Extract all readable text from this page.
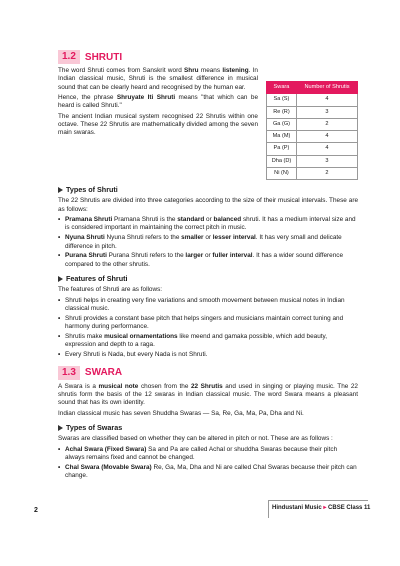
1.2 SHRUTI

The word Shruti comes from Sanskrit word Shru means listening. In Indian classical music, Shruti is the smallest difference in musical sound that can be clearly heard and recognised by the human ear.

Hence, the phrase Shruyate Iti Shruti means "that which can be heard is called Shruti."

The ancient Indian musical system recognised 22 Shrutis within one octave. These 22 Shrutis are mathematically divided among the seven main swaras.

Swara	Number of Shrutis
Sa (S)	4
Re (R)	3
Ga (G)	2
Ma (M)	4
Pa (P)	4
Dha (D)	3
Ni (N)	2
Types of Shruti

The 22 Shrutis are divided into three categories according to the size of their musical intervals. These are as follows:

• Pramana Shruti Pramana Shruti is the standard or balanced shruti. It has a medium interval size and is considered important in maintaining the correct pitch in music.
• Nyuna Shruti Nyuna Shruti refers to the smaller or lesser interval. It has very small and delicate difference in pitch.
• Purana Shruti Purana Shruti refers to the larger or fuller interval. It has a wider sound difference compared to the other shrutis.
Features of Shruti

The features of Shruti are as follows:

• Shruti helps in creating very fine variations and smooth movement between musical notes in Indian classical music.
• Shruti provides a constant base pitch that helps singers and musicians maintain correct tuning and harmony during performance.
• Shrutis make musical ornamentations like meend and gamaka possible, which add beauty, expression and depth to a raga.
• Every Shruti is Nada, but every Nada is not Shruti.
1.3 SWARA

A Swara is a musical note chosen from the 22 Shrutis and used in singing or playing music. The 22 shrutis form the basis of the 12 swaras in Indian classical music. The word Swara means a pleasant sound that has its own identity.

Indian classical music has seven Shuddha Swaras — Sa, Re, Ga, Ma, Pa, Dha and Ni.

Types of Swaras

Swaras are classified based on whether they can be altered in pitch or not. These are as follows :

• Achal Swara (Fixed Swara) Sa and Pa are called Achal or shuddha Swaras because their pitch always remains fixed and cannot be changed.
• Chal Swara (Movable Swara) Re, Ga, Ma, Dha and Ni are called Chal Swaras because their pitch can change.
2	Hindustani Music ▸ CBSE Class 11
